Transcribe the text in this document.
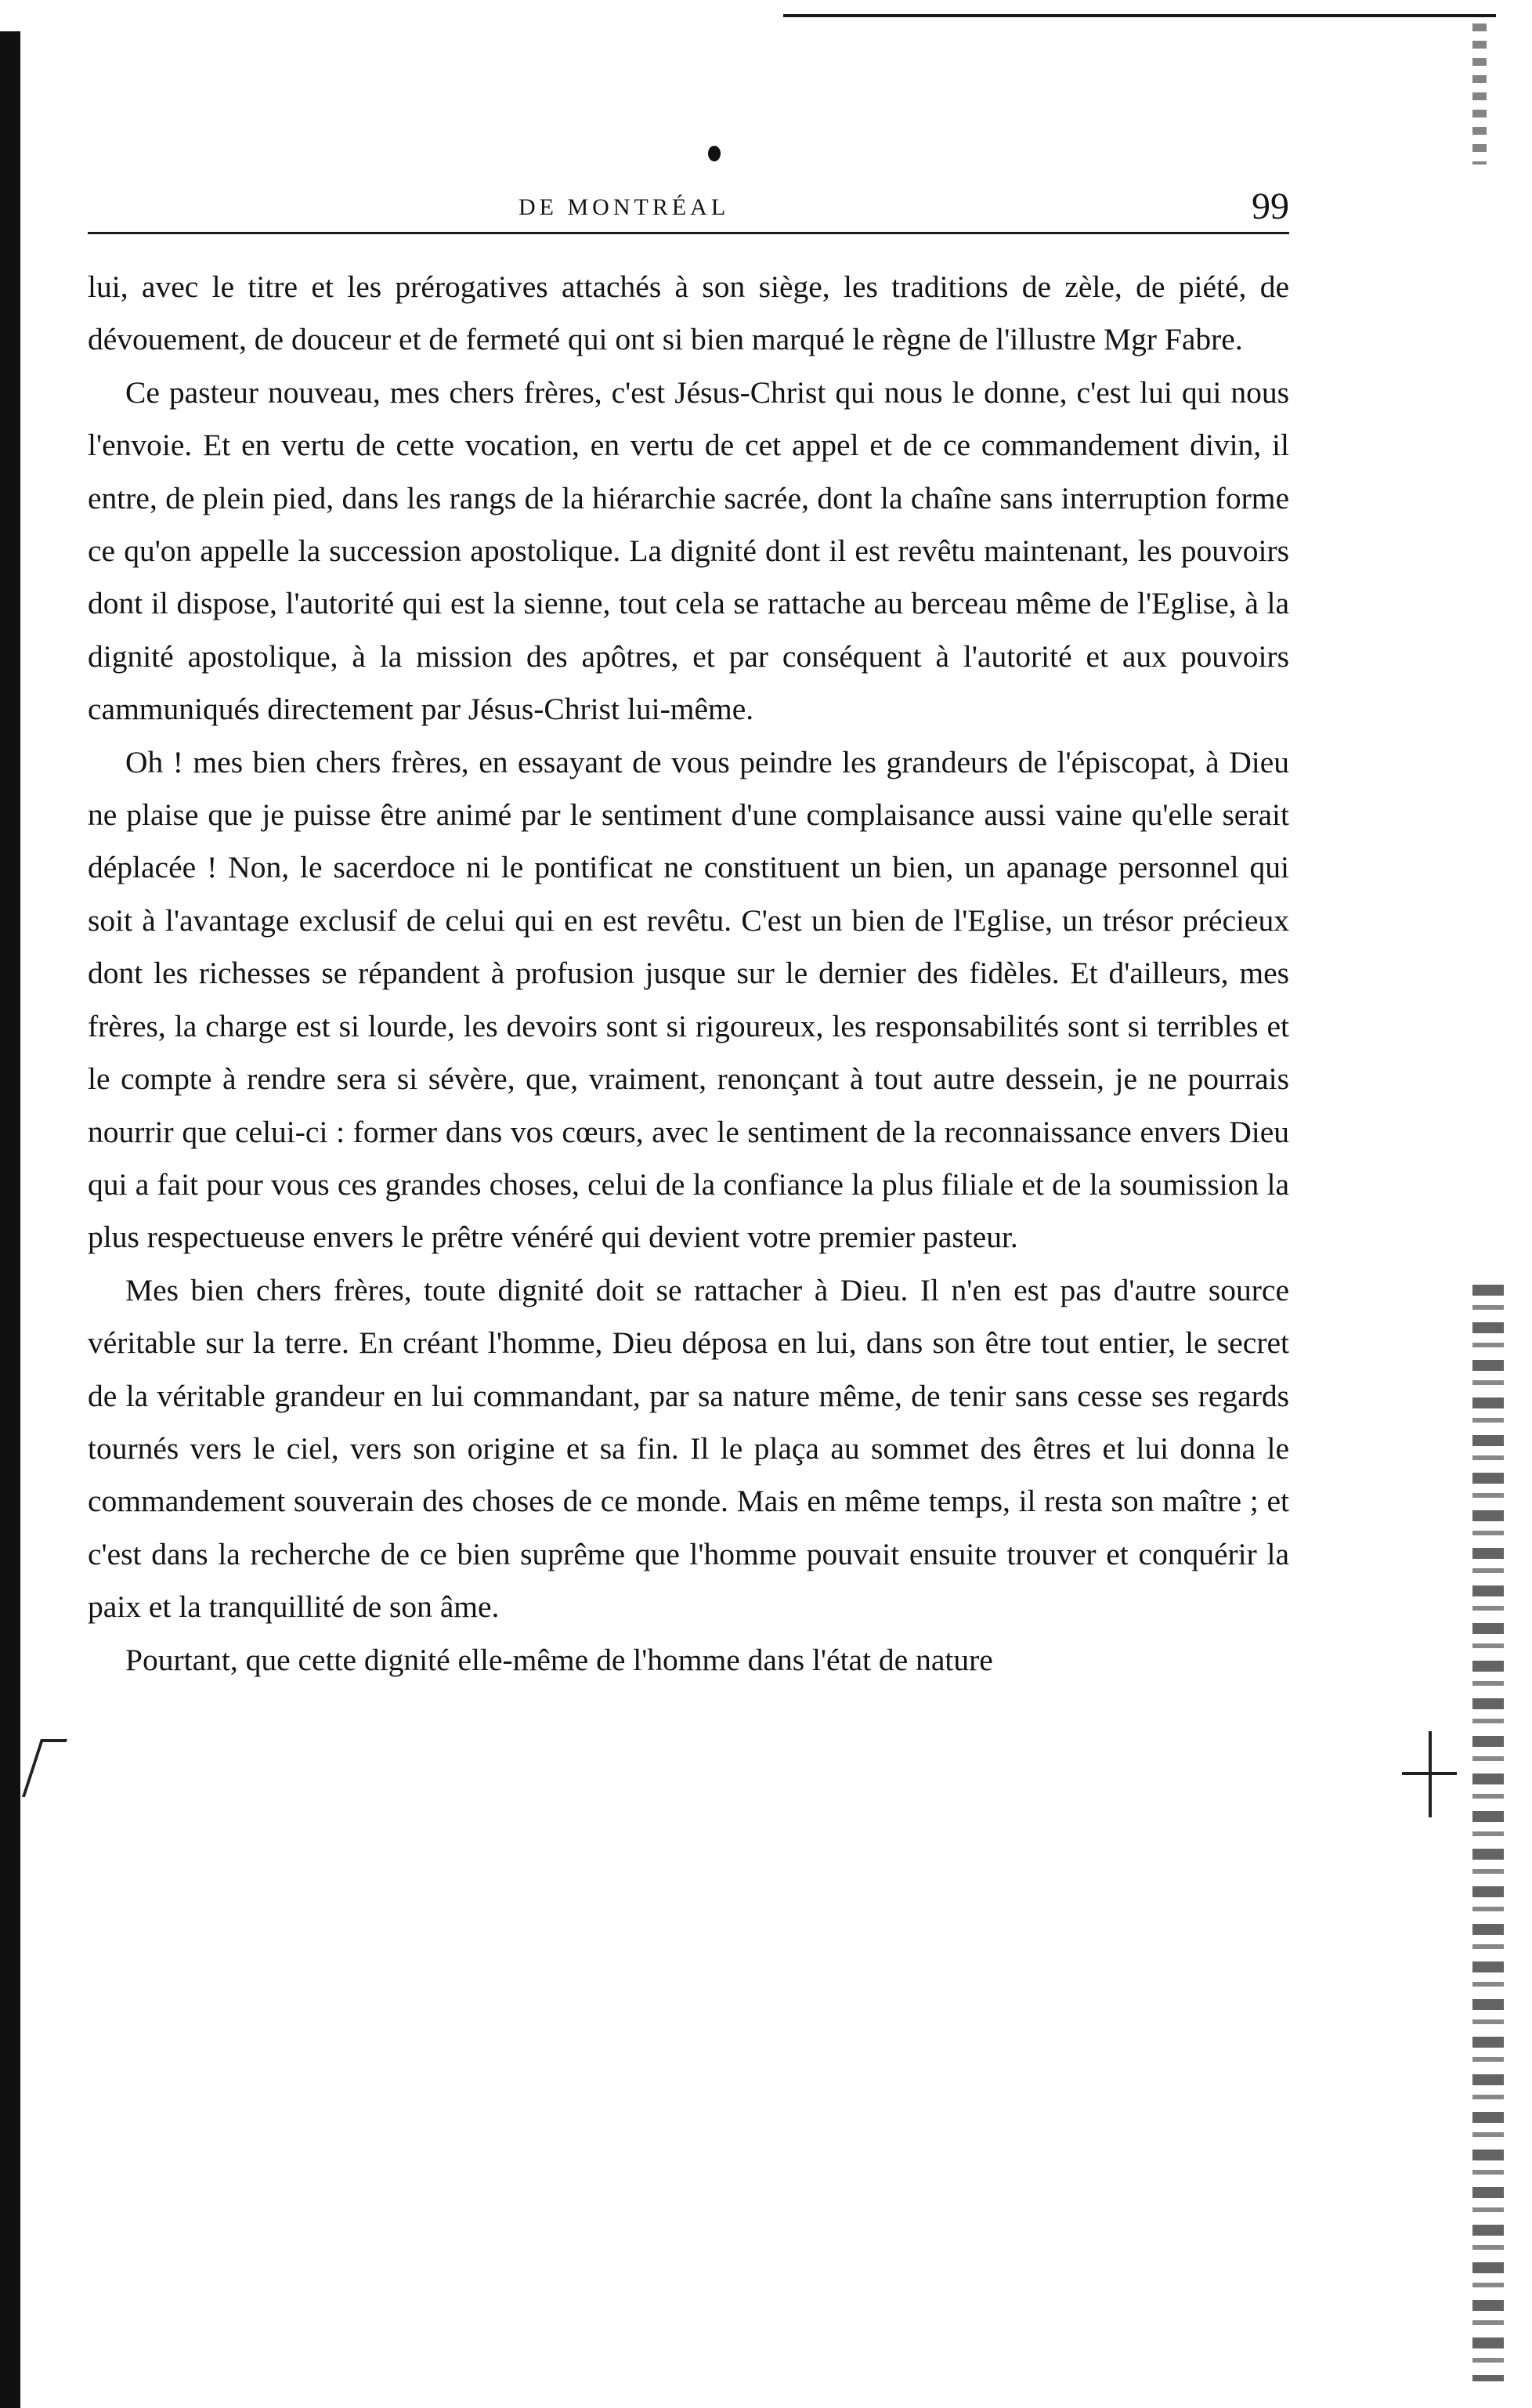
DE MONTRÉAL	99

lui, avec le titre et les prérogatives attachés à son siège, les traditions de zèle, de piété, de dévouement, de douceur et de fermeté qui ont si bien marqué le règne de l'illustre Mgr Fabre.

Ce pasteur nouveau, mes chers frères, c'est Jésus-Christ qui nous le donne, c'est lui qui nous l'envoie. Et en vertu de cette vocation, en vertu de cet appel et de ce commandement divin, il entre, de plein pied, dans les rangs de la hiérarchie sacrée, dont la chaîne sans interruption forme ce qu'on appelle la succession apostolique. La dignité dont il est revêtu maintenant, les pouvoirs dont il dispose, l'autorité qui est la sienne, tout cela se rattache au berceau même de l'Eglise, à la dignité apostolique, à la mission des apôtres, et par conséquent à l'autorité et aux pouvoirs cammuniqués directement par Jésus-Christ lui-même.

Oh ! mes bien chers frères, en essayant de vous peindre les grandeurs de l'épiscopat, à Dieu ne plaise que je puisse être animé par le sentiment d'une complaisance aussi vaine qu'elle serait déplacée ! Non, le sacerdoce ni le pontificat ne constituent un bien, un apanage personnel qui soit à l'avantage exclusif de celui qui en est revêtu. C'est un bien de l'Eglise, un trésor précieux dont les richesses se répandent à profusion jusque sur le dernier des fidèles. Et d'ailleurs, mes frères, la charge est si lourde, les devoirs sont si rigoureux, les responsabilités sont si terribles et le compte à rendre sera si sévère, que, vraiment, renonçant à tout autre dessein, je ne pourrais nourrir que celui-ci : former dans vos cœurs, avec le sentiment de la reconnaissance envers Dieu qui a fait pour vous ces grandes choses, celui de la confiance la plus filiale et de la soumission la plus respectueuse envers le prêtre vénéré qui devient votre premier pasteur.

Mes bien chers frères, toute dignité doit se rattacher à Dieu. Il n'en est pas d'autre source véritable sur la terre. En créant l'homme, Dieu déposa en lui, dans son être tout entier, le secret de la véritable grandeur en lui commandant, par sa nature même, de tenir sans cesse ses regards tournés vers le ciel, vers son origine et sa fin. Il le plaça au sommet des êtres et lui donna le commandement souverain des choses de ce monde. Mais en même temps, il resta son maître ; et c'est dans la recherche de ce bien suprême que l'homme pouvait ensuite trouver et conquérir la paix et la tranquillité de son âme.

Pourtant, que cette dignité elle-même de l'homme dans l'état de nature
